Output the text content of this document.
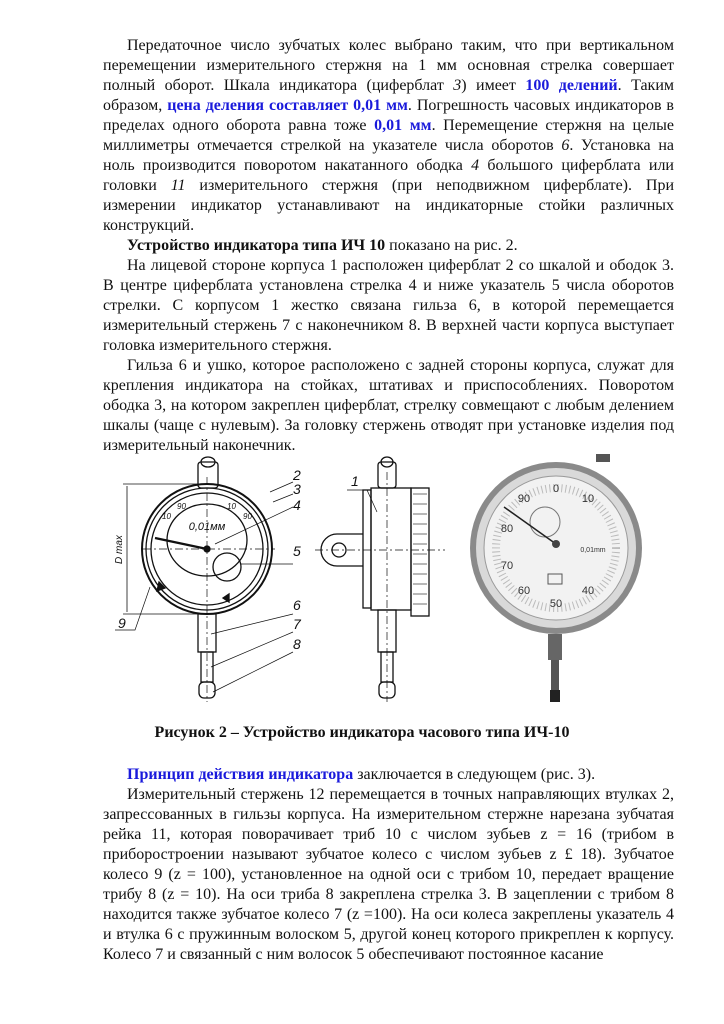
Передаточное число зубчатых колес выбрано таким, что при вертикальном перемещении измерительного стержня на 1 мм основная стрелка совершает полный оборот. Шкала индикатора (циферблат 3) имеет 100 делений. Таким образом, цена деления составляет 0,01 мм. Погрешность часовых индикаторов в пределах одного оборота равна тоже 0,01 мм. Перемещение стержня на целые миллиметры отмечается стрелкой на указателе числа оборотов 6. Установка на ноль производится поворотом накатанного ободка 4 большого циферблата или головки 11 измерительного стержня (при неподвижном циферблате). При измерении индикатор устанавливают на индикаторные стойки различных конструкций.

Устройство индикатора типа ИЧ 10 показано на рис. 2.

На лицевой стороне корпуса 1 расположен циферблат 2 со шкалой и ободок 3. В центре циферблата установлена стрелка 4 и ниже указатель 5 числа оборотов стрелки. С корпусом 1 жестко связана гильза 6, в которой перемещается измерительный стержень 7 с наконечником 8. В верхней части корпуса выступает головка измерительного стержня.

Гильза 6 и ушко, которое расположено с задней стороны корпуса, служат для крепления индикатора на стойках, штативах и приспособлениях. Поворотом ободка 3, на котором закреплен циферблат, стрелку совмещают с любым делением шкалы (чаще с нулевым). За головку стержень отводят при установке изделия под измерительный наконечник.

0,01мм
10
90	10
90
D max
2
3
4
5
6
7
8
9
1	0
10
90
80
70
60
50
40
0,01mm
Рисунок 2 – Устройство индикатора часового типа ИЧ-10

Принцип действия индикатора заключается в следующем (рис. 3).

Измерительный стержень 12 перемещается в точных направляющих втулках 2, запрессованных в гильзы корпуса. На измерительном стержне нарезана зубчатая рейка 11, которая поворачивает триб 10 с числом зубьев z = 16 (трибом в приборостроении называют зубчатое колесо с числом зубьев z £ 18). Зубчатое колесо 9 (z = 100), установленное на одной оси с трибом 10, передает вращение трибу 8 (z = 10). На оси триба 8 закреплена стрелка 3. В зацеплении с трибом 8 находится также зубчатое колесо 7 (z =100). На оси колеса закреплены указатель 4 и втулка 6 с пружинным волоском 5, другой конец которого прикреплен к корпусу. Колесо 7 и связанный с ним волосок 5 обеспечивают постоянное касание
